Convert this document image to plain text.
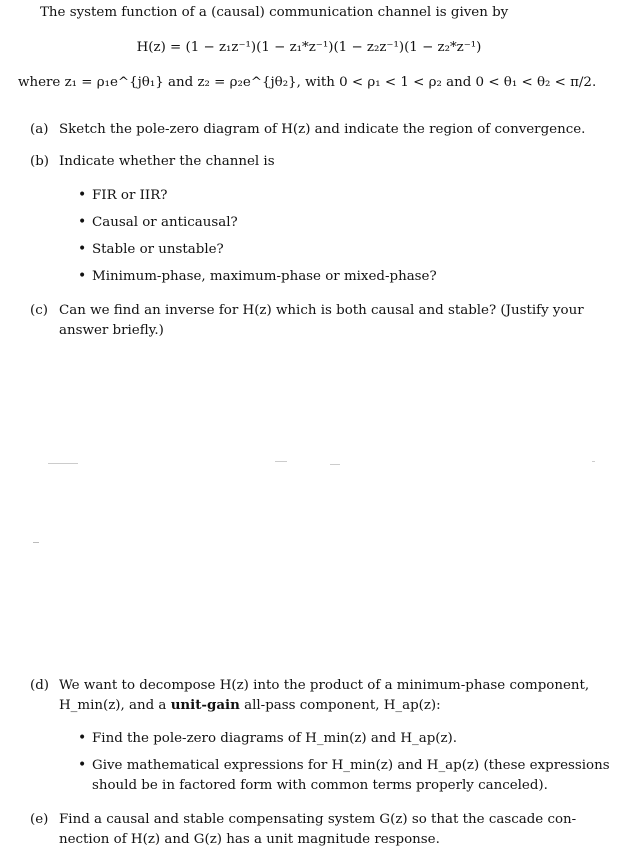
The system function of a (causal) communication channel is given by
H(z) = (1 − z₁z⁻¹)(1 − z₁*z⁻¹)(1 − z₂z⁻¹)(1 − z₂*z⁻¹)
where z₁ = ρ₁e^{jθ₁} and z₂ = ρ₂e^{jθ₂}, with 0 < ρ₁ < 1 < ρ₂ and 0 < θ₁ < θ₂ < π/2.
(a) Sketch the pole-zero diagram of H(z) and indicate the region of convergence.
(b) Indicate whether the channel is
• FIR or IIR?
• Causal or anticausal?
• Stable or unstable?
• Minimum-phase, maximum-phase or mixed-phase?
(c) Can we find an inverse for H(z) which is both causal and stable? (Justify your
answer briefly.)
(d) We want to decompose H(z) into the product of a minimum-phase component,
H_min(z), and a unit-gain all-pass component, H_ap(z):
• Find the pole-zero diagrams of H_min(z) and H_ap(z).
• Give mathematical expressions for H_min(z) and H_ap(z) (these expressions
should be in factored form with common terms properly canceled).
(e) Find a causal and stable compensating system G(z) so that the cascade con-
nection of H(z) and G(z) has a unit magnitude response.
